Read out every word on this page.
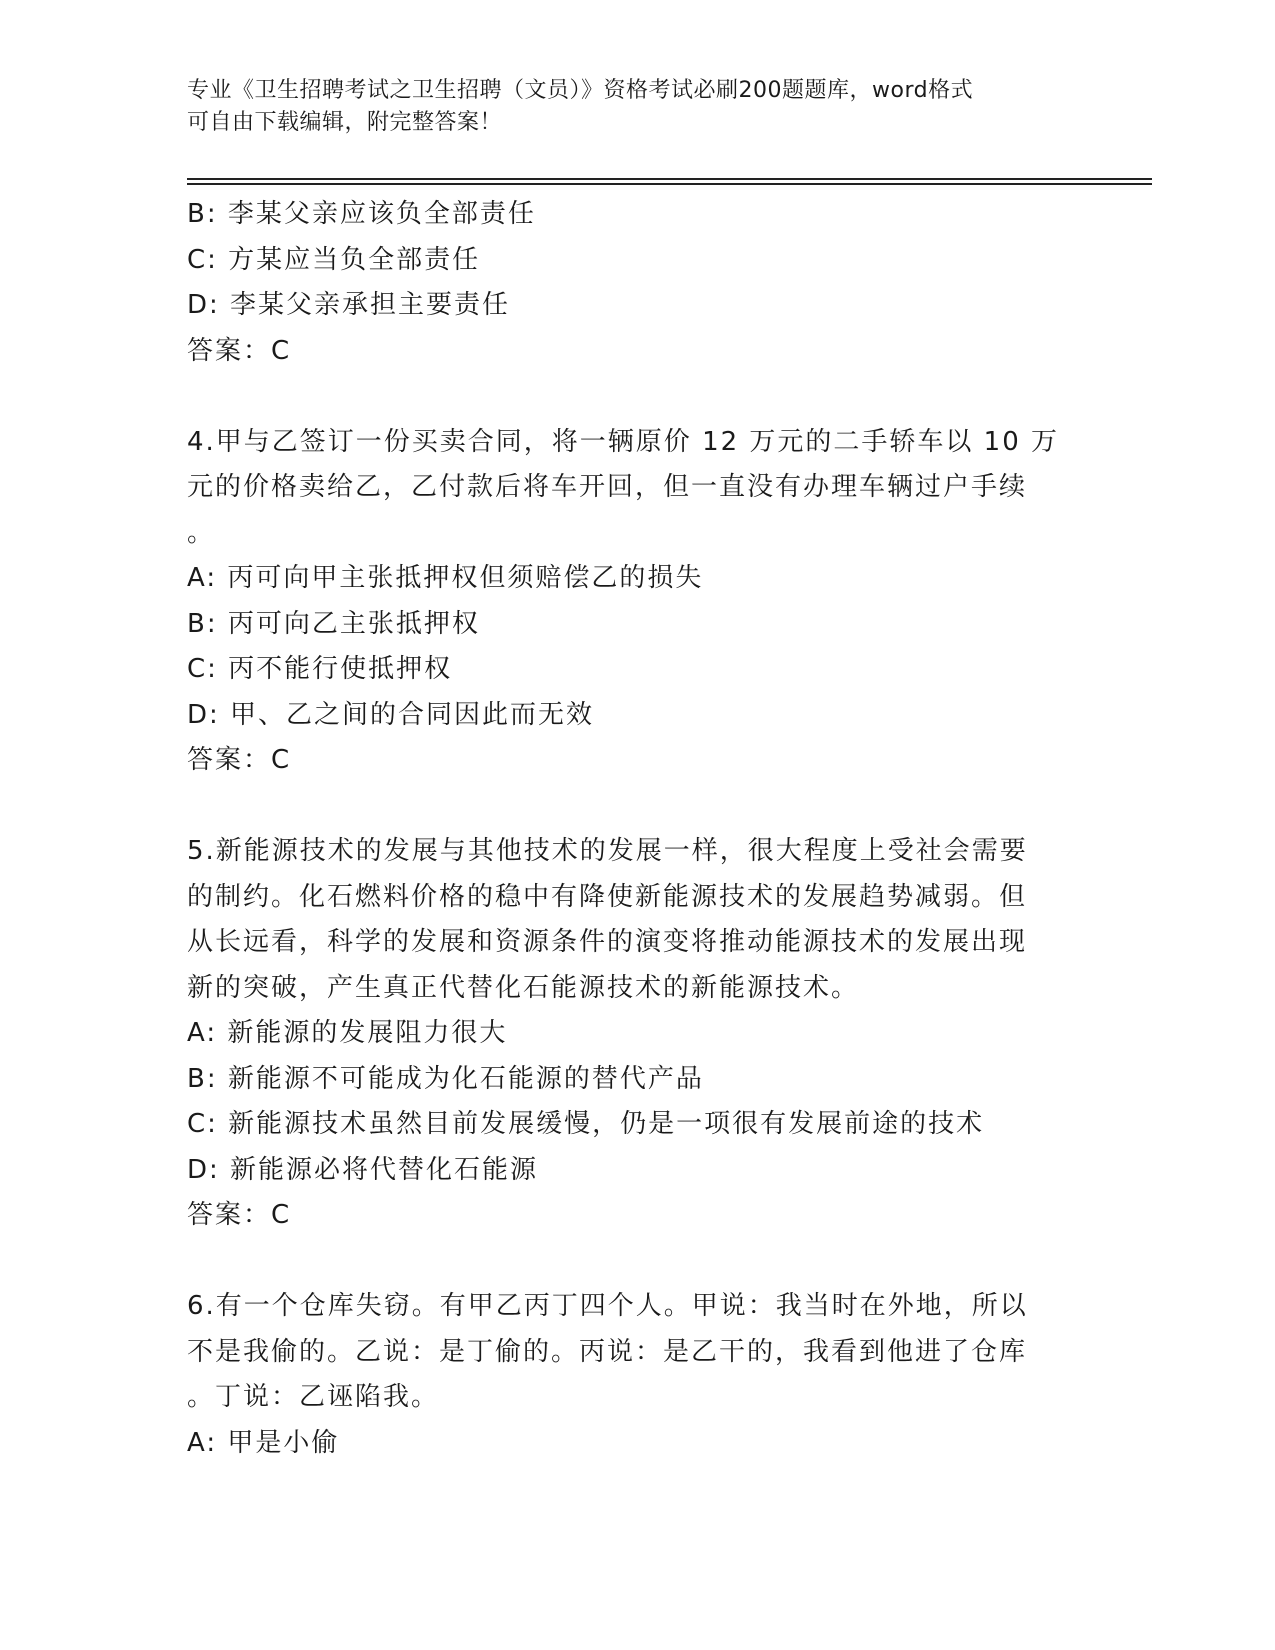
专业《卫生招聘考试之卫生招聘（文员）》资格考试必刷200题题库，word格式
可自由下载编辑，附完整答案！
B: 李某父亲应该负全部责任
C: 方某应当负全部责任
D: 李某父亲承担主要责任
答案：C
4.甲与乙签订一份买卖合同，将一辆原价 12 万元的二手轿车以 10 万
元的价格卖给乙，乙付款后将车开回，但一直没有办理车辆过户手续
。
A: 丙可向甲主张抵押权但须赔偿乙的损失
B: 丙可向乙主张抵押权
C: 丙不能行使抵押权
D: 甲、乙之间的合同因此而无效
答案：C
5.新能源技术的发展与其他技术的发展一样，很大程度上受社会需要
的制约。化石燃料价格的稳中有降使新能源技术的发展趋势减弱。但
从长远看，科学的发展和资源条件的演变将推动能源技术的发展出现
新的突破，产生真正代替化石能源技术的新能源技术。
A: 新能源的发展阻力很大
B: 新能源不可能成为化石能源的替代产品
C: 新能源技术虽然目前发展缓慢，仍是一项很有发展前途的技术
D: 新能源必将代替化石能源
答案：C
6.有一个仓库失窃。有甲乙丙丁四个人。甲说：我当时在外地，所以
不是我偷的。乙说：是丁偷的。丙说：是乙干的，我看到他进了仓库
。丁说：乙诬陷我。
A: 甲是小偷
